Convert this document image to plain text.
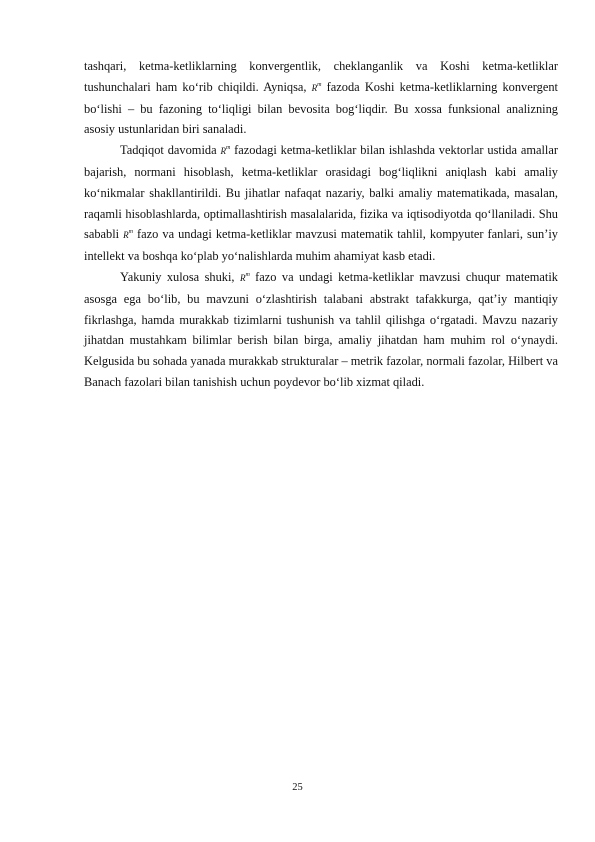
tashqari, ketma-ketliklarning konvergentlik, cheklanganlik va Koshi ketma-ketliklar tushunchalari ham ko‘rib chiqildi. Ayniqsa, $R^m$ fazoda Koshi ketma-ketliklarning konvergent bo‘lishi – bu fazoning to‘liqligi bilan bevosita bog‘liqdir. Bu xossa funksional analizning asosiy ustunlaridan biri sanaladi.

Tadqiqot davomida $R^m$ fazodagi ketma-ketliklar bilan ishlashda vektorlar ustida amallar bajarish, normani hisoblash, ketma-ketliklar orasidagi bog‘liqlikni aniqlash kabi amaliy ko‘nikmalar shakllantirildi. Bu jihatlar nafaqat nazariy, balki amaliy matematikada, masalan, raqamli hisoblashlarda, optimallashtirish masalalarida, fizika va iqtisodiyotda qo‘llaniladi. Shu sababli $R^m$ fazo va undagi ketma-ketliklar mavzusi matematik tahlil, kompyuter fanlari, sun’iy intellekt va boshqa ko‘plab yo‘nalishlarda muhim ahamiyat kasb etadi.

Yakuniy xulosa shuki, $R^m$ fazo va undagi ketma-ketliklar mavzusi chuqur matematik asosga ega bo‘lib, bu mavzuni o‘zlashtirish talabani abstrakt tafakkurga, qat’iy mantiqiy fikrlashga, hamda murakkab tizimlarni tushunish va tahlil qilishga o‘rgatadi. Mavzu nazariy jihatdan mustahkam bilimlar berish bilan birga, amaliy jihatdan ham muhim rol o‘ynaydi. Kelgusida bu sohada yanada murakkab strukturalar – metrik fazolar, normali fazolar, Hilbert va Banach fazolari bilan tanishish uchun poydevor bo‘lib xizmat qiladi.

25
